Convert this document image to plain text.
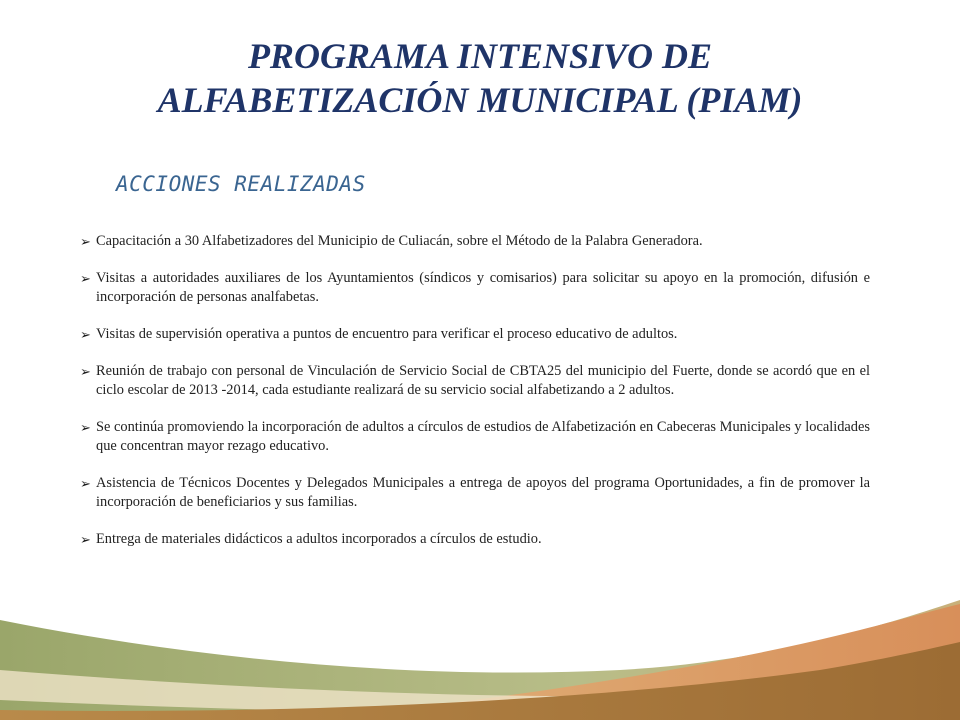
PROGRAMA INTENSIVO DE
ALFABETIZACIÓN MUNICIPAL (PIAM)
ACCIONES REALIZADAS
➢ Capacitación a 30 Alfabetizadores del Municipio de Culiacán, sobre el Método de la Palabra Generadora.
➢ Visitas a autoridades auxiliares de los Ayuntamientos (síndicos y comisarios) para solicitar su apoyo en la promoción, difusión e incorporación de personas analfabetas.
➢ Visitas de supervisión operativa a puntos de encuentro para verificar el proceso educativo de adultos.
➢ Reunión de trabajo con personal de Vinculación de Servicio Social de CBTA25 del municipio del Fuerte, donde se acordó que en el ciclo escolar de 2013 -2014, cada estudiante realizará de su servicio social alfabetizando a 2 adultos.
➢ Se continúa promoviendo la incorporación de adultos a círculos de estudios de Alfabetización en Cabeceras Municipales y localidades que concentran mayor rezago educativo.
➢ Asistencia de Técnicos Docentes y Delegados Municipales a entrega de apoyos del programa Oportunidades, a fin de promover la incorporación de beneficiarios y sus familias.
➢ Entrega de materiales didácticos a adultos incorporados a círculos de estudio.
